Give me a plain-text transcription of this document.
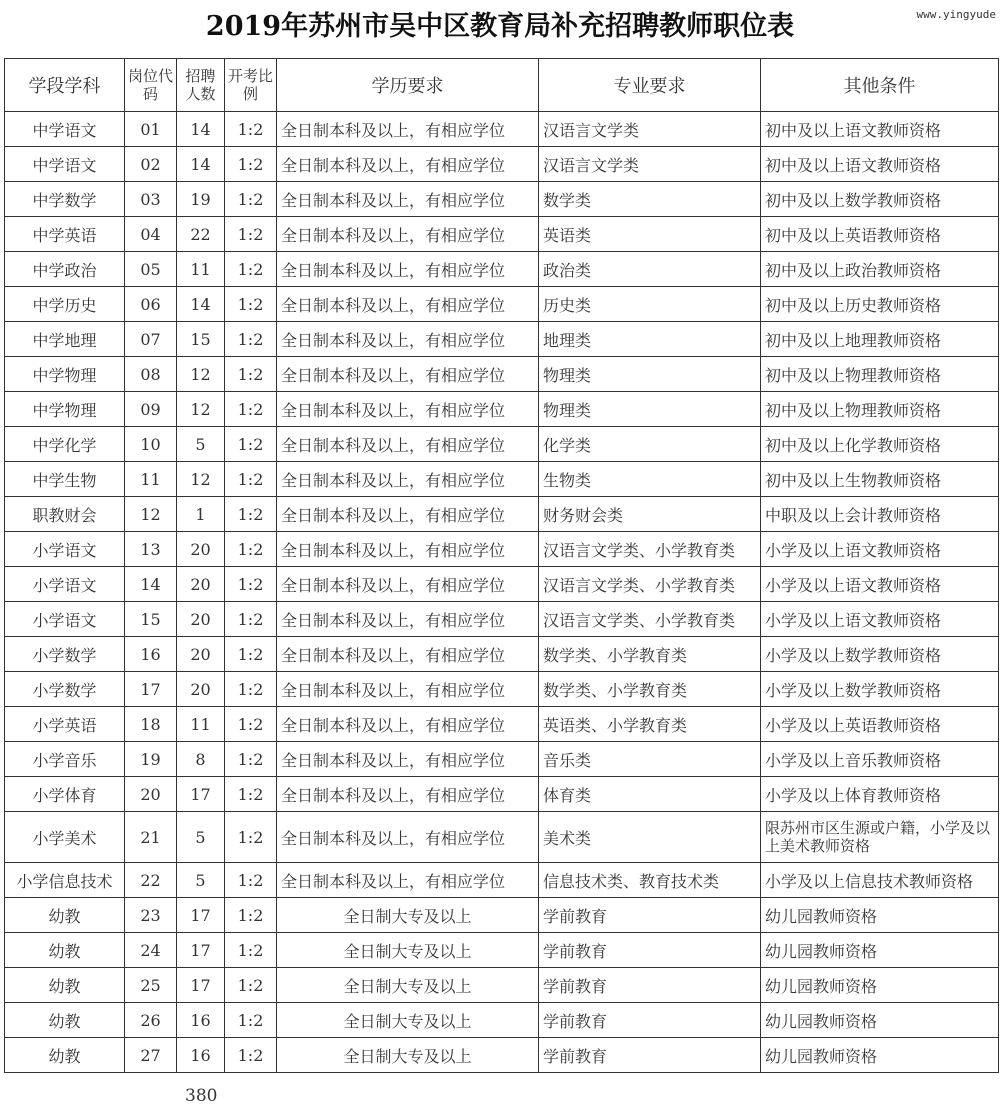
2019年苏州市吴中区教育局补充招聘教师职位表	www.yingyude
学段学科	岗位代码	招聘人数	开考比例	学历要求	专业要求	其他条件
中学语文	01	14	1:2	全日制本科及以上，有相应学位	汉语言文学类	初中及以上语文教师资格
中学语文	02	14	1:2	全日制本科及以上，有相应学位	汉语言文学类	初中及以上语文教师资格
中学数学	03	19	1:2	全日制本科及以上，有相应学位	数学类	初中及以上数学教师资格
中学英语	04	22	1:2	全日制本科及以上，有相应学位	英语类	初中及以上英语教师资格
中学政治	05	11	1:2	全日制本科及以上，有相应学位	政治类	初中及以上政治教师资格
中学历史	06	14	1:2	全日制本科及以上，有相应学位	历史类	初中及以上历史教师资格
中学地理	07	15	1:2	全日制本科及以上，有相应学位	地理类	初中及以上地理教师资格
中学物理	08	12	1:2	全日制本科及以上，有相应学位	物理类	初中及以上物理教师资格
中学物理	09	12	1:2	全日制本科及以上，有相应学位	物理类	初中及以上物理教师资格
中学化学	10	5	1:2	全日制本科及以上，有相应学位	化学类	初中及以上化学教师资格
中学生物	11	12	1:2	全日制本科及以上，有相应学位	生物类	初中及以上生物教师资格
职教财会	12	1	1:2	全日制本科及以上，有相应学位	财务财会类	中职及以上会计教师资格
小学语文	13	20	1:2	全日制本科及以上，有相应学位	汉语言文学类、小学教育类	小学及以上语文教师资格
小学语文	14	20	1:2	全日制本科及以上，有相应学位	汉语言文学类、小学教育类	小学及以上语文教师资格
小学语文	15	20	1:2	全日制本科及以上，有相应学位	汉语言文学类、小学教育类	小学及以上语文教师资格
小学数学	16	20	1:2	全日制本科及以上，有相应学位	数学类、小学教育类	小学及以上数学教师资格
小学数学	17	20	1:2	全日制本科及以上，有相应学位	数学类、小学教育类	小学及以上数学教师资格
小学英语	18	11	1:2	全日制本科及以上，有相应学位	英语类、小学教育类	小学及以上英语教师资格
小学音乐	19	8	1:2	全日制本科及以上，有相应学位	音乐类	小学及以上音乐教师资格
小学体育	20	17	1:2	全日制本科及以上，有相应学位	体育类	小学及以上体育教师资格
小学美术	21	5	1:2	全日制本科及以上，有相应学位	美术类	限苏州市区生源或户籍，小学及以上美术教师资格
小学信息技术	22	5	1:2	全日制本科及以上，有相应学位	信息技术类、教育技术类	小学及以上信息技术教师资格
幼教	23	17	1:2	全日制大专及以上	学前教育	幼儿园教师资格
幼教	24	17	1:2	全日制大专及以上	学前教育	幼儿园教师资格
幼教	25	17	1:2	全日制大专及以上	学前教育	幼儿园教师资格
幼教	26	16	1:2	全日制大专及以上	学前教育	幼儿园教师资格
幼教	27	16	1:2	全日制大专及以上	学前教育	幼儿园教师资格
380
